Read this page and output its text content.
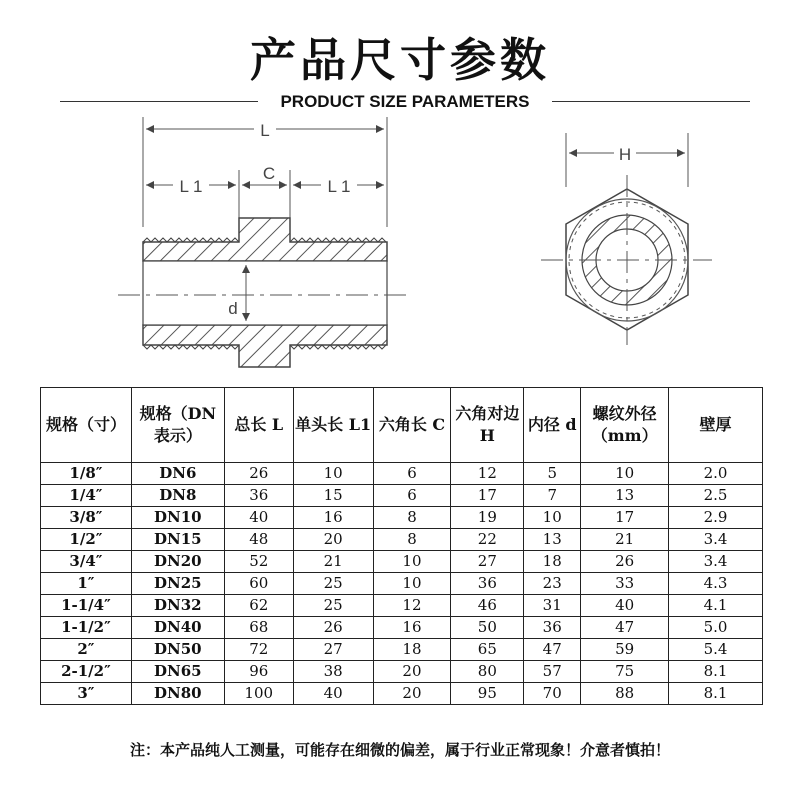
产品尺寸参数
PRODUCT SIZE PARAMETERS
L
L 1
C
L 1
d
H
规格（寸）	规格（DN表示）	总长 L	单头长 L1	六角长 C	六角对边H	内径 d	螺纹外径（mm）	壁厚
1/8″	DN6	26	10	6	12	5	10	2.0
1/4″	DN8	36	15	6	17	7	13	2.5
3/8″	DN10	40	16	8	19	10	17	2.9
1/2″	DN15	48	20	8	22	13	21	3.4
3/4″	DN20	52	21	10	27	18	26	3.4
1″	DN25	60	25	10	36	23	33	4.3
1-1/4″	DN32	62	25	12	46	31	40	4.1
1-1/2″	DN40	68	26	16	50	36	47	5.0
2″	DN50	72	27	18	65	47	59	5.4
2-1/2″	DN65	96	38	20	80	57	75	8.1
3″	DN80	100	40	20	95	70	88	8.1
注：本产品纯人工测量，可能存在细微的偏差，属于行业正常现象！介意者慎拍！
